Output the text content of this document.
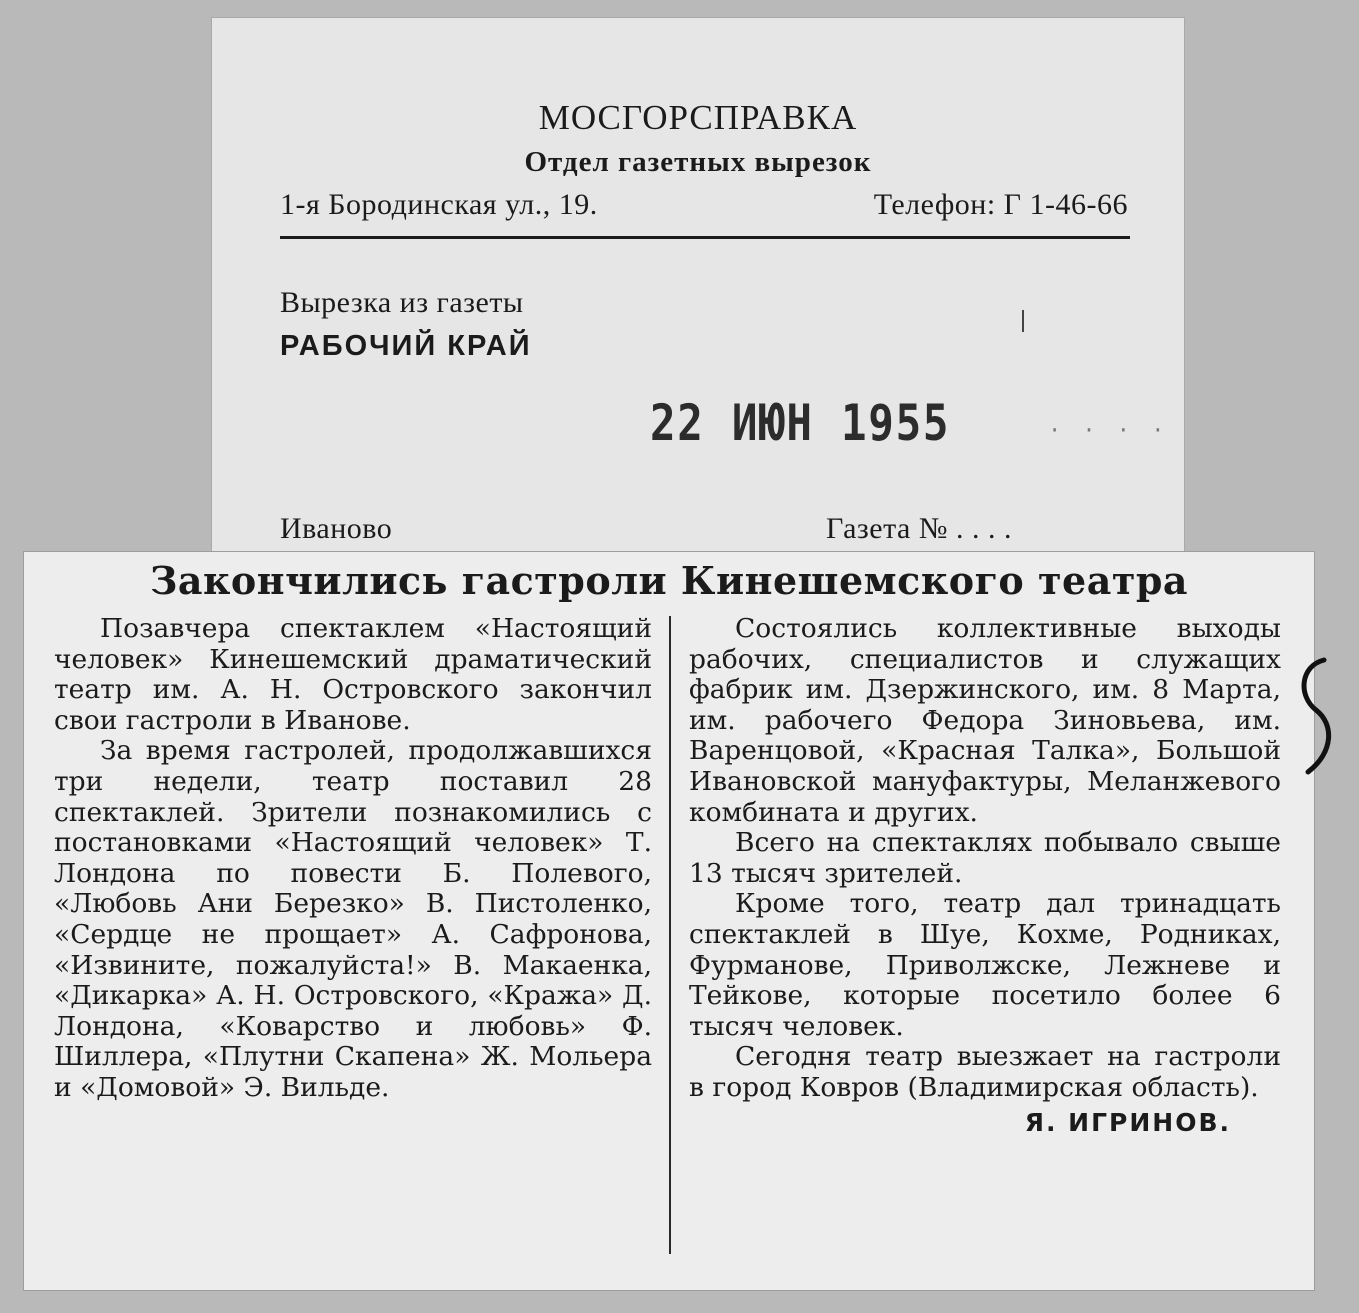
МОСГОРСПРАВКА
Отдел газетных вырезок
1-я Бородинская ул., 19.	Телефон: Г 1-46-66
Вырезка из газеты
РАБОЧИЙ КРАЙ
22 ИЮН 1955	· · · ·
Иваново	Газета № . . . .
Закончились гастроли Кинешемского театра

Позавчера спектаклем «Настоящий человек» Кинешемский драматический театр им. А. Н. Островского закончил свои гастроли в Иванове.

За время гастролей, продолжавшихся три недели, театр поставил 28 спектаклей. Зрители познакомились с постановками «Настоящий человек» Т. Лондона по повести Б. Полевого, «Любовь Ани Березко» В. Пистоленко, «Сердце не прощает» А. Сафронова, «Извините, пожалуйста!» В. Макаенка, «Дикарка» А. Н. Островского, «Кража» Д. Лондона, «Коварство и любовь» Ф. Шиллера, «Плутни Скапена» Ж. Мольера и «Домовой» Э. Вильде.

Состоялись коллективные выходы рабочих, специалистов и служащих фабрик им. Дзержинского, им. 8 Марта, им. рабочего Федора Зиновьева, им. Варенцовой, «Красная Талка», Большой Ивановской мануфактуры, Меланжевого комбината и других.

Всего на спектаклях побывало свыше 13 тысяч зрителей.

Кроме того, театр дал тринадцать спектаклей в Шуе, Кохме, Родниках, Фурманове, Приволжске, Лежневе и Тейкове, которые посетило более 6 тысяч человек.

Сегодня театр выезжает на гастроли в город Ковров (Владимирская область).

Я. ИГРИНОВ.
